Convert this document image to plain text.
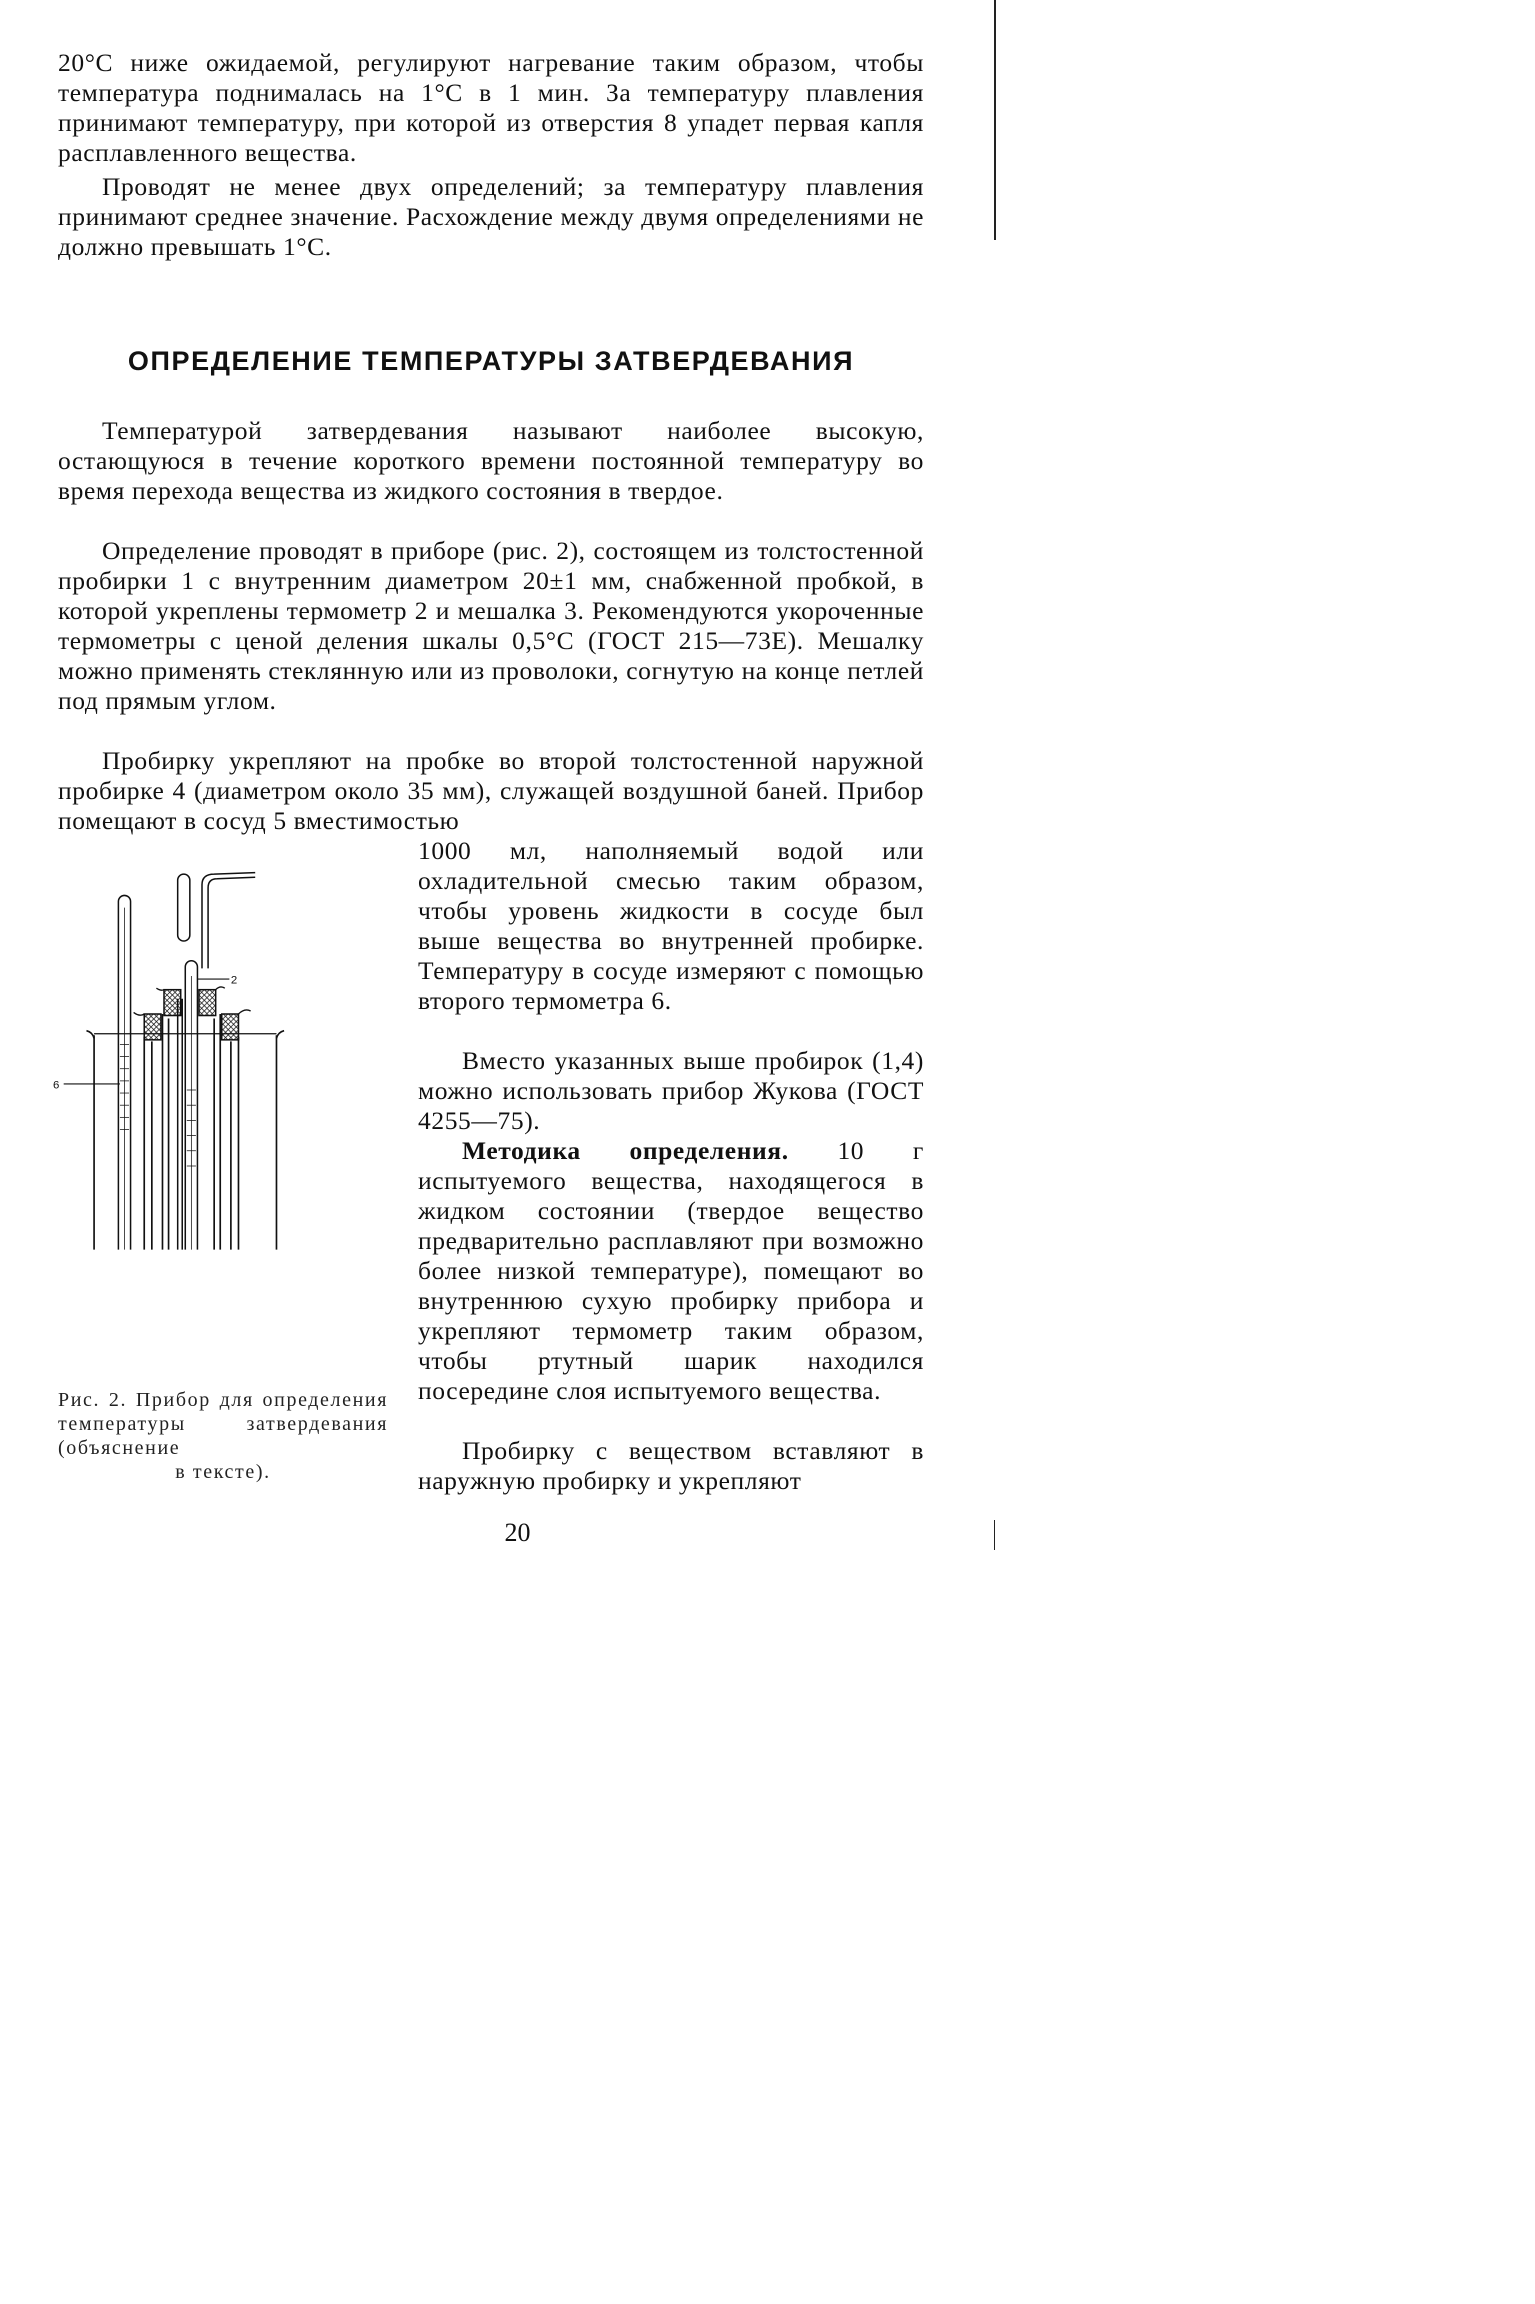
20°С ниже ожидаемой, регулируют нагревание таким образом, чтобы температура поднималась на 1°С в 1 мин. За температуру плавления принимают температуру, при которой из отверстия 8 упадет первая капля расплавленного вещества.
Проводят не менее двух определений; за температуру плавления принимают среднее значение. Расхождение между двумя определениями не должно превышать 1°С.
ОПРЕДЕЛЕНИЕ ТЕМПЕРАТУРЫ ЗАТВЕРДЕВАНИЯ
Температурой затвердевания называют наиболее высокую, остающуюся в течение короткого времени постоянной температуру во время перехода вещества из жидкого состояния в твердое.
Определение проводят в приборе (рис. 2), состоящем из толстостенной пробирки 1 с внутренним диаметром 20±1 мм, снабженной пробкой, в которой укреплены термометр 2 и мешалка 3. Рекомендуются укороченные термометры с ценой деления шкалы 0,5°С (ГОСТ 215—73Е). Мешалку можно применять стеклянную или из проволоки, согнутую на конце петлей под прямым углом.
Пробирку укрепляют на пробке во второй толстостенной наружной пробирке 4 (диаметром около 35 мм), служащей воздушной баней. Прибор помещают в сосуд 5 вместимостью
1000 мл, наполняемый водой или охладительной смесью таким образом, чтобы уровень жидкости в сосуде был выше вещества во внутренней пробирке. Температуру в сосуде измеряют с помощью второго термометра 6.
Вместо указанных выше пробирок (1,4) можно использовать прибор Жукова (ГОСТ 4255—75).
Методика определения. 10 г испытуемого вещества, находящегося в жидком состоянии (твердое вещество предварительно расплавляют при возможно более низкой температуре), помещают во внутреннюю сухую пробирку прибора и укрепляют термометр таким образом, чтобы ртутный шарик находился посередине слоя испытуемого вещества.
Пробирку с веществом вставляют в наружную пробирку и укрепляют
2
6
Рис. 2. Прибор для определения температуры затвердевания (объяснение
в тексте).
20
